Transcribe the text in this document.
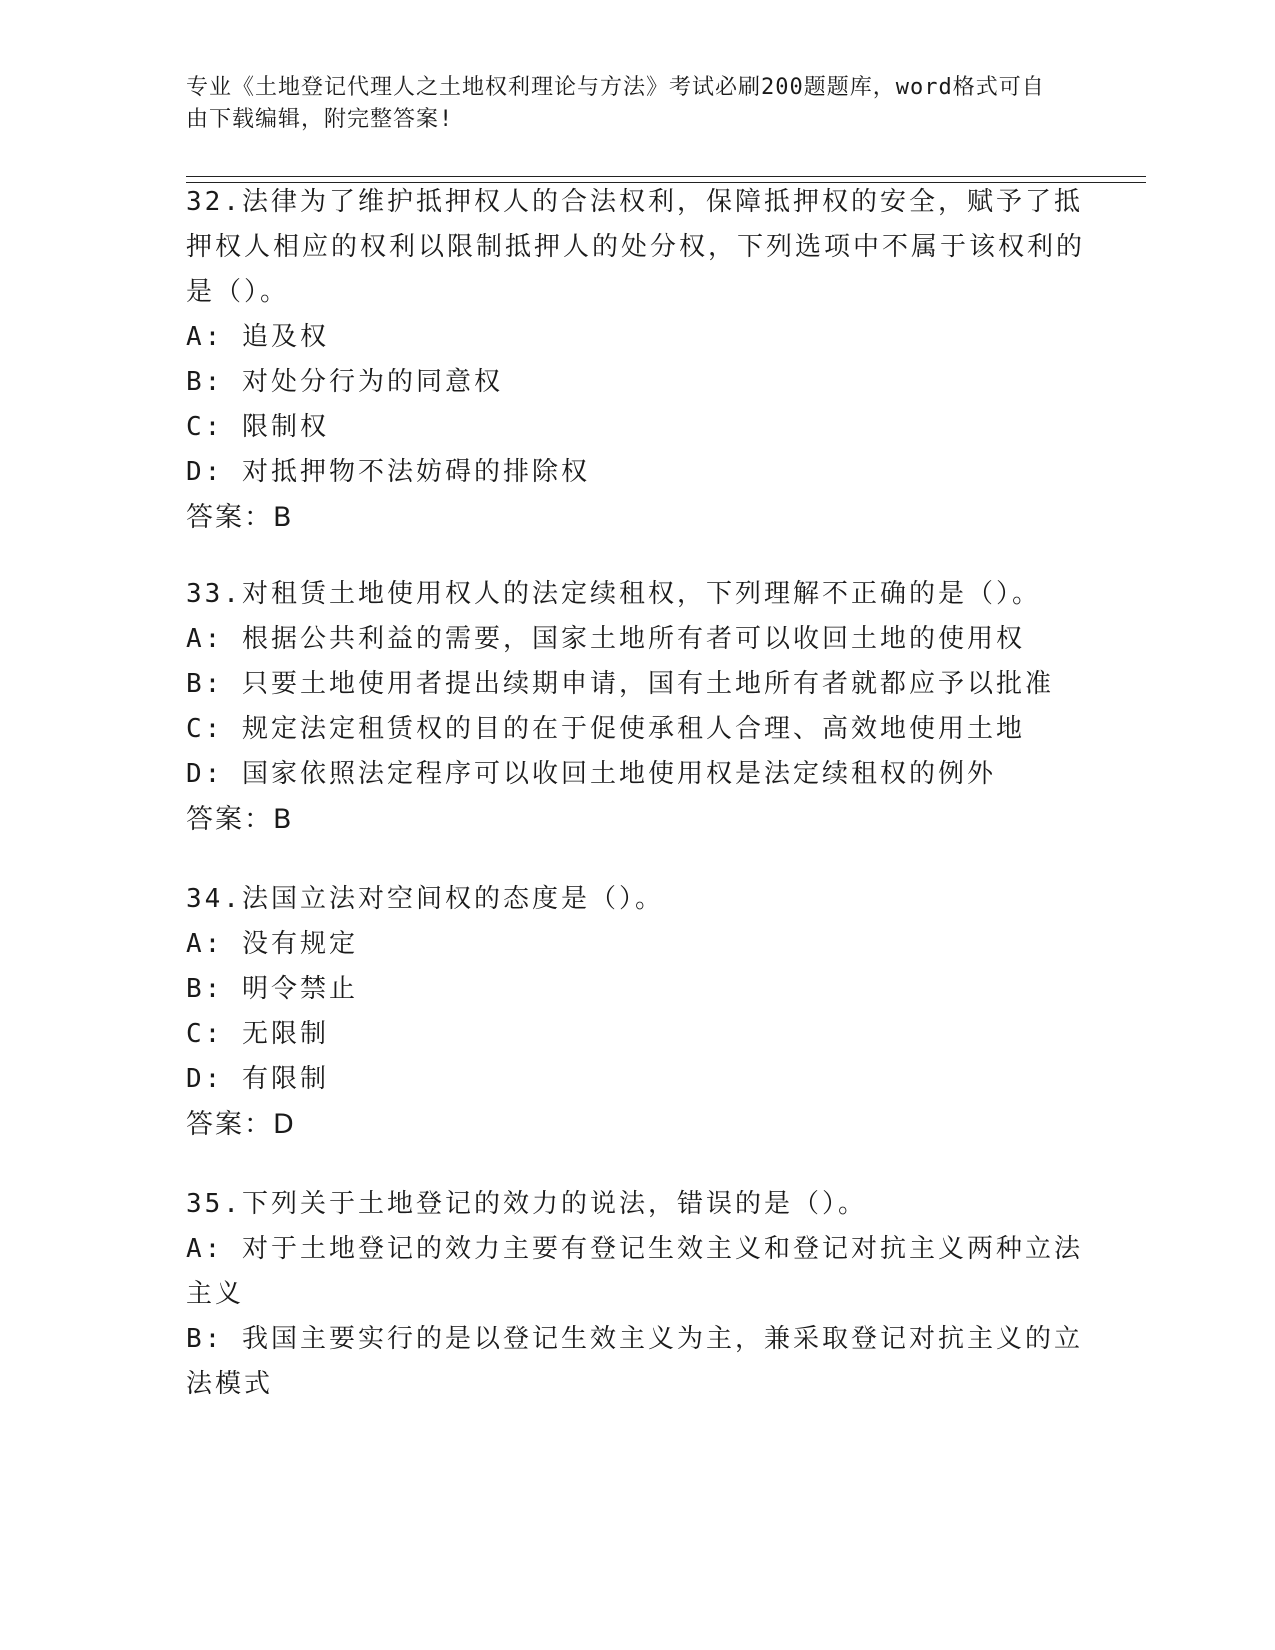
专业《土地登记代理人之土地权利理论与方法》考试必刷200题题库，word格式可自由下载编辑，附完整答案!

32.法律为了维护抵押权人的合法权利，保障抵押权的安全，赋予了抵押权人相应的权利以限制抵押人的处分权，下列选项中不属于该权利的是（）。

A: 追及权

B: 对处分行为的同意权

C: 限制权

D: 对抵押物不法妨碍的排除权

答案：B

33.对租赁土地使用权人的法定续租权，下列理解不正确的是（）。

A: 根据公共利益的需要，国家土地所有者可以收回土地的使用权

B: 只要土地使用者提出续期申请，国有土地所有者就都应予以批准

C: 规定法定租赁权的目的在于促使承租人合理、高效地使用土地

D: 国家依照法定程序可以收回土地使用权是法定续租权的例外

答案：B

34.法国立法对空间权的态度是（）。

A: 没有规定

B: 明令禁止

C: 无限制

D: 有限制

答案：D

35.下列关于土地登记的效力的说法，错误的是（）。

A: 对于土地登记的效力主要有登记生效主义和登记对抗主义两种立法主义

B: 我国主要实行的是以登记生效主义为主，兼采取登记对抗主义的立法模式
